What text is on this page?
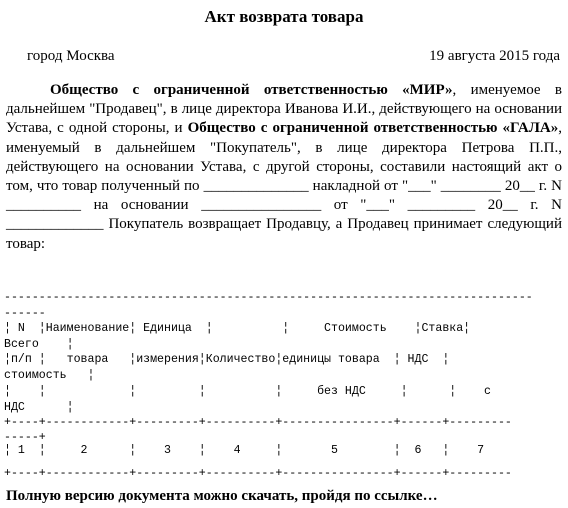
Акт возврата товара
город Москва	19 августа 2015 года
Общество с ограниченной ответственностью «МИР», именуемое в дальнейшем "Продавец", в лице директора Иванова И.И., действующего на основании Устава, с одной стороны, и Общество с ограниченной ответственностью «ГАЛА», именуемый в дальнейшем "Покупатель", в лице директора Петрова П.П., действующего на основании Устава, с другой стороны, составили настоящий акт о том, что товар полученный по ______________ накладной от "___" ________ 20__ г. N __________ на основании ________________ от "___" _________ 20__ г. N _____________ Покупатель возвращает Продавцу, а Продавец принимает следующий товар:
----------------------------------------------------------------------------
------
¦ N  ¦Наименование¦ Единица  ¦          ¦     Стоимость    ¦Ставка¦
Всего    ¦
¦п/п ¦   товара   ¦измерения¦Количество¦единицы товара  ¦ НДС  ¦
стоимость   ¦
¦    ¦            ¦         ¦          ¦     без НДС     ¦      ¦    с
НДС      ¦
+----+------------+---------+----------+----------------+------+---------
-----+
¦ 1  ¦     2      ¦    3    ¦    4     ¦       5        ¦  6   ¦    7
+----+------------+---------+----------+----------------+------+---------
Полную версию документа можно скачать, пройдя по ссылке…
